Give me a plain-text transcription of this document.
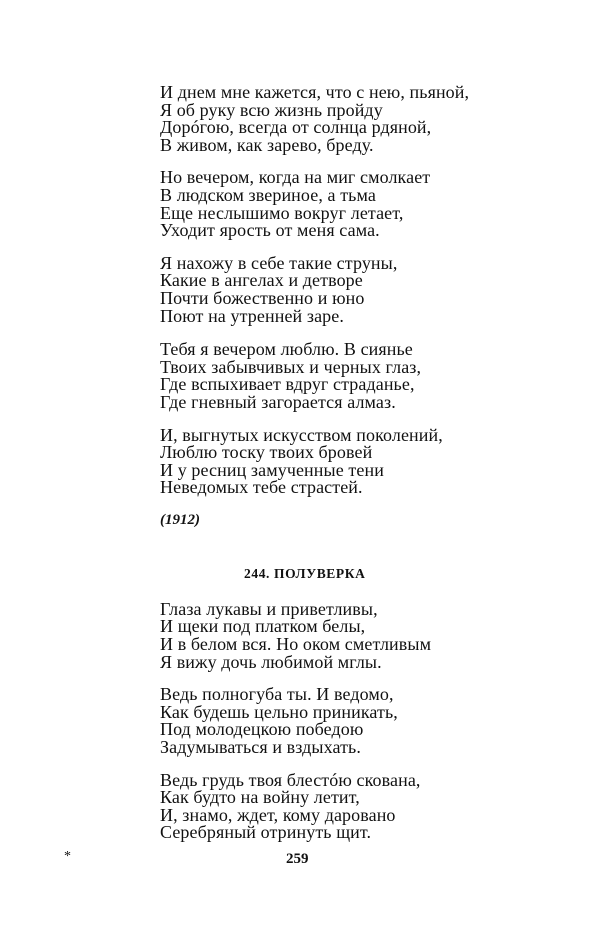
И днем мне кажется, что с нею, пьяной,
Я об руку всю жизнь пройду
Дорóгою, всегда от солнца рдяной,
В живом, как зарево, бреду.
Но вечером, когда на миг смолкает
В людском звериное, а тьма
Еще неслышимо вокруг летает,
Уходит ярость от меня сама.
Я нахожу в себе такие струны,
Какие в ангелах и детворе
Почти божественно и юно
Поют на утренней заре.
Тебя я вечером люблю. В сиянье
Твоих забывчивых и черных глаз,
Где вспыхивает вдруг страданье,
Где гневный загорается алмаз.
И, выгнутых искусством поколений,
Люблю тоску твоих бровей
И у ресниц замученные тени
Неведомых тебе страстей.
(1912)
244. ПОЛУВЕРКА
Глаза лукавы и приветливы,
И щеки под платком белы,
И в белом вся. Но оком сметливым
Я вижу дочь любимой мглы.
Ведь полногуба ты. И ведомо,
Как будешь цельно приникать,
Под молодецкою победою
Задумываться и вздыхать.
Ведь грудь твоя блестóю скована,
Как будто на войну летит,
И, знамо, ждет, кому даровано
Серебряный отринуть щит.
*	259
